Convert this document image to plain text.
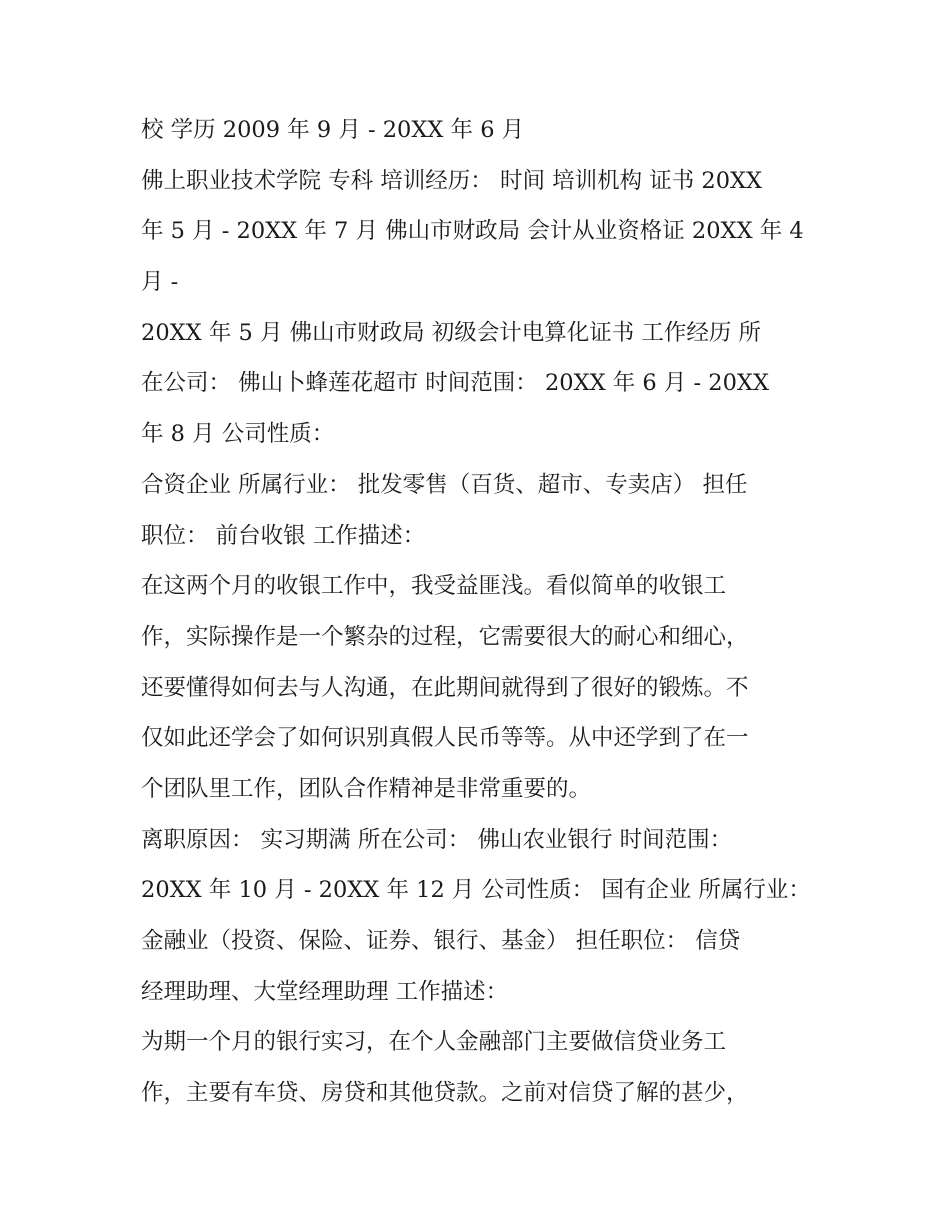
校 学历 2009 年 9 月 - 20XX 年 6 月
佛上职业技术学院 专科 培训经历： 时间 培训机构 证书 20XX
年 5 月 - 20XX 年 7 月 佛山市财政局 会计从业资格证 20XX 年 4
月 -
20XX 年 5 月 佛山市财政局 初级会计电算化证书 工作经历 所
在公司： 佛山卜蜂莲花超市 时间范围： 20XX 年 6 月 - 20XX
年 8 月 公司性质：
合资企业 所属行业： 批发零售（百货、超市、专卖店） 担任
职位： 前台收银 工作描述：
在这两个月的收银工作中，我受益匪浅。看似简单的收银工
作，实际操作是一个繁杂的过程，它需要很大的耐心和细心，
还要懂得如何去与人沟通，在此期间就得到了很好的锻炼。不
仅如此还学会了如何识别真假人民币等等。从中还学到了在一
个团队里工作，团队合作精神是非常重要的。
离职原因： 实习期满 所在公司： 佛山农业银行 时间范围：
20XX 年 10 月 - 20XX 年 12 月 公司性质： 国有企业 所属行业：
金融业（投资、保险、证券、银行、基金） 担任职位： 信贷
经理助理、大堂经理助理 工作描述：
为期一个月的银行实习，在个人金融部门主要做信贷业务工
作，主要有车贷、房贷和其他贷款。之前对信贷了解的甚少，
